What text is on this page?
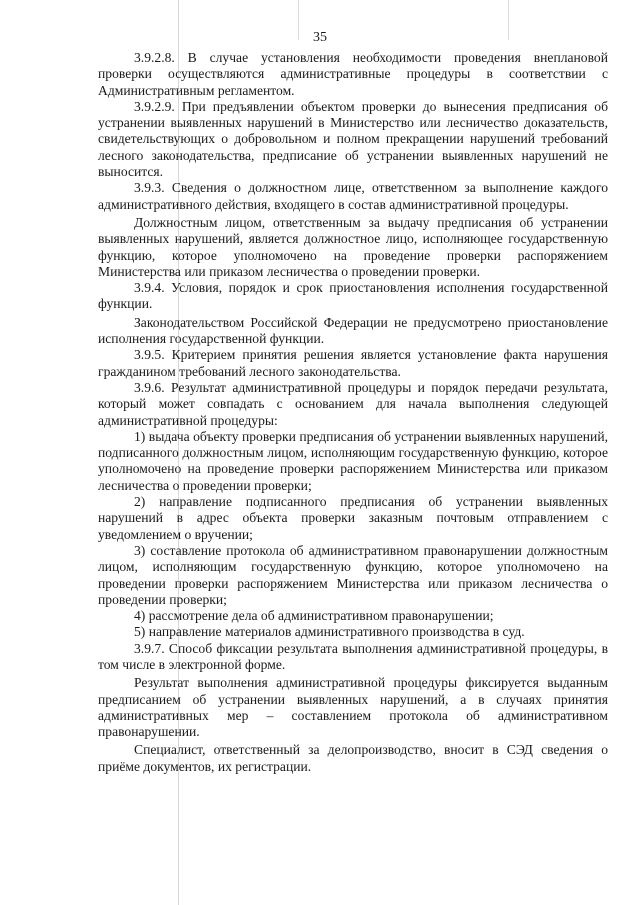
35

3.9.2.8. В случае установления необходимости проведения внеплановой проверки осуществляются административные процедуры в соответствии с Административным регламентом.

3.9.2.9. При предъявлении объектом проверки до вынесения предписания об устранении выявленных нарушений в Министерство или лесничество доказательств, свидетельствующих о добровольном и полном прекращении нарушений требований лесного законодательства, предписание об устранении выявленных нарушений не выносится.

3.9.3. Сведения о должностном лице, ответственном за выполнение каждого административного действия, входящего в состав административной процедуры.

Должностным лицом, ответственным за выдачу предписания об устранении выявленных нарушений, является должностное лицо, исполняющее государственную функцию, которое уполномочено на проведение проверки распоряжением Министерства или приказом лесничества о проведении проверки.

3.9.4. Условия, порядок и срок приостановления исполнения государственной функции.

Законодательством Российской Федерации не предусмотрено приостановление исполнения государственной функции.

3.9.5. Критерием принятия решения является установление факта нарушения гражданином требований лесного законодательства.

3.9.6. Результат административной процедуры и порядок передачи результата, который может совпадать с основанием для начала выполнения следующей административной процедуры:

1) выдача объекту проверки предписания об устранении выявленных нарушений, подписанного должностным лицом, исполняющим государственную функцию, которое уполномочено на проведение проверки распоряжением Министерства или приказом лесничества о проведении проверки;

2) направление подписанного предписания об устранении выявленных нарушений в адрес объекта проверки заказным почтовым отправлением с уведомлением о вручении;

3) составление протокола об административном правонарушении должностным лицом, исполняющим государственную функцию, которое уполномочено на проведении проверки распоряжением Министерства или приказом лесничества о проведении проверки;

4) рассмотрение дела об административном правонарушении;

5) направление материалов административного производства в суд.

3.9.7. Способ фиксации результата выполнения административной процедуры, в том числе в электронной форме.

Результат выполнения административной процедуры фиксируется выданным предписанием об устранении выявленных нарушений, а в случаях принятия административных мер – составлением протокола об административном правонарушении.

Специалист, ответственный за делопроизводство, вносит в СЭД сведения о приёме документов, их регистрации.
